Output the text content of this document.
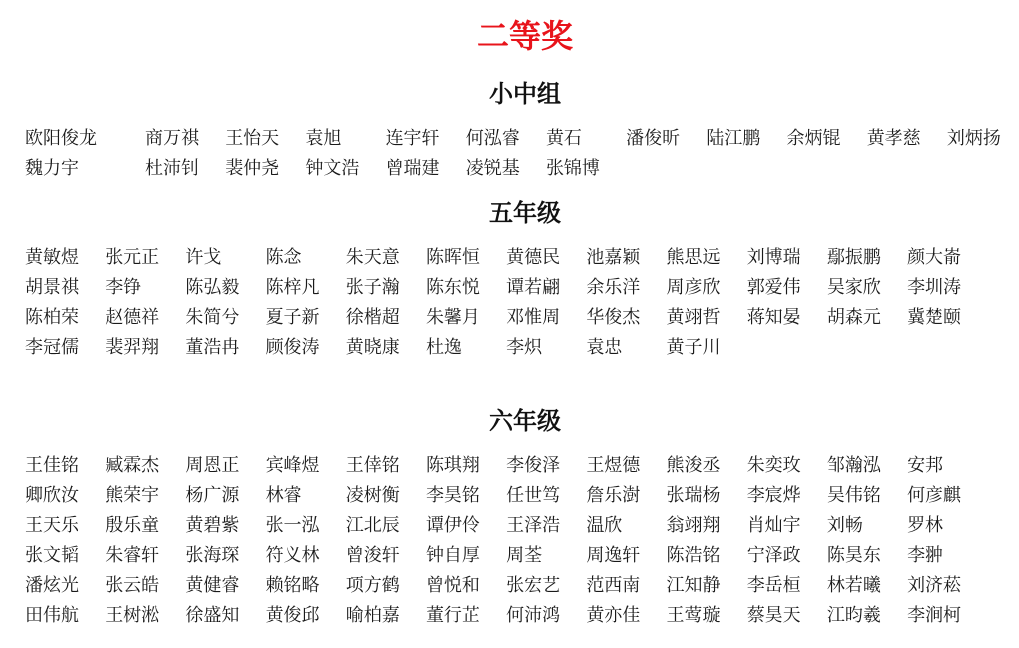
二等奖
小中组
欧阳俊龙	商万祺	王怡天	袁旭	连宇轩	何泓睿	黄石	潘俊昕	陆江鹏	余炳锟	黄孝慈	刘炳扬
魏力宇	杜沛钊	裴仲尧	钟文浩	曾瑞建	凌锐基	张锦博
五年级
黄敏煜	张元正	许戈	陈念	朱天意	陈晖恒	黄德民	池嘉颖	熊思远	刘博瑞	鄢振鹏	颜大嵛
胡景祺	李铮	陈弘毅	陈梓凡	张子瀚	陈东悦	谭若翩	余乐洋	周彦欣	郭爱伟	吴家欣	李圳涛
陈柏荣	赵德祥	朱简兮	夏子新	徐楷超	朱馨月	邓惟周	华俊杰	黄翊哲	蒋知晏	胡森元	冀楚颐
李冠儒	裴羿翔	董浩冉	顾俊涛	黄晓康	杜逸	李炽	袁忠	黄子川
六年级
王佳铭	臧霖杰	周恩正	宾峰煜	王倖铭	陈琪翔	李俊泽	王煜德	熊浚丞	朱奕玫	邹瀚泓	安邦
卿欣汝	熊荣宇	杨广源	林睿	凌树衡	李昊铭	任世笃	詹乐澍	张瑞杨	李宸烨	吴伟铭	何彦麒
王天乐	殷乐童	黄碧紫	张一泓	江北辰	谭伊伶	王泽浩	温欣	翁翊翔	肖灿宇	刘畅	罗林
张文韬	朱睿轩	张海琛	符义林	曾浚轩	钟自厚	周荃	周逸轩	陈浩铭	宁泽政	陈昊东	李翀
潘炫光	张云皓	黄健睿	赖铭略	项方鹤	曾悦和	张宏艺	范西南	江知静	李岳桓	林若曦	刘济菘
田伟航	王树淞	徐盛知	黄俊邱	喻柏嘉	董行芷	何沛鸿	黄亦佳	王莺璇	蔡昊天	江昀羲	李涧柯
